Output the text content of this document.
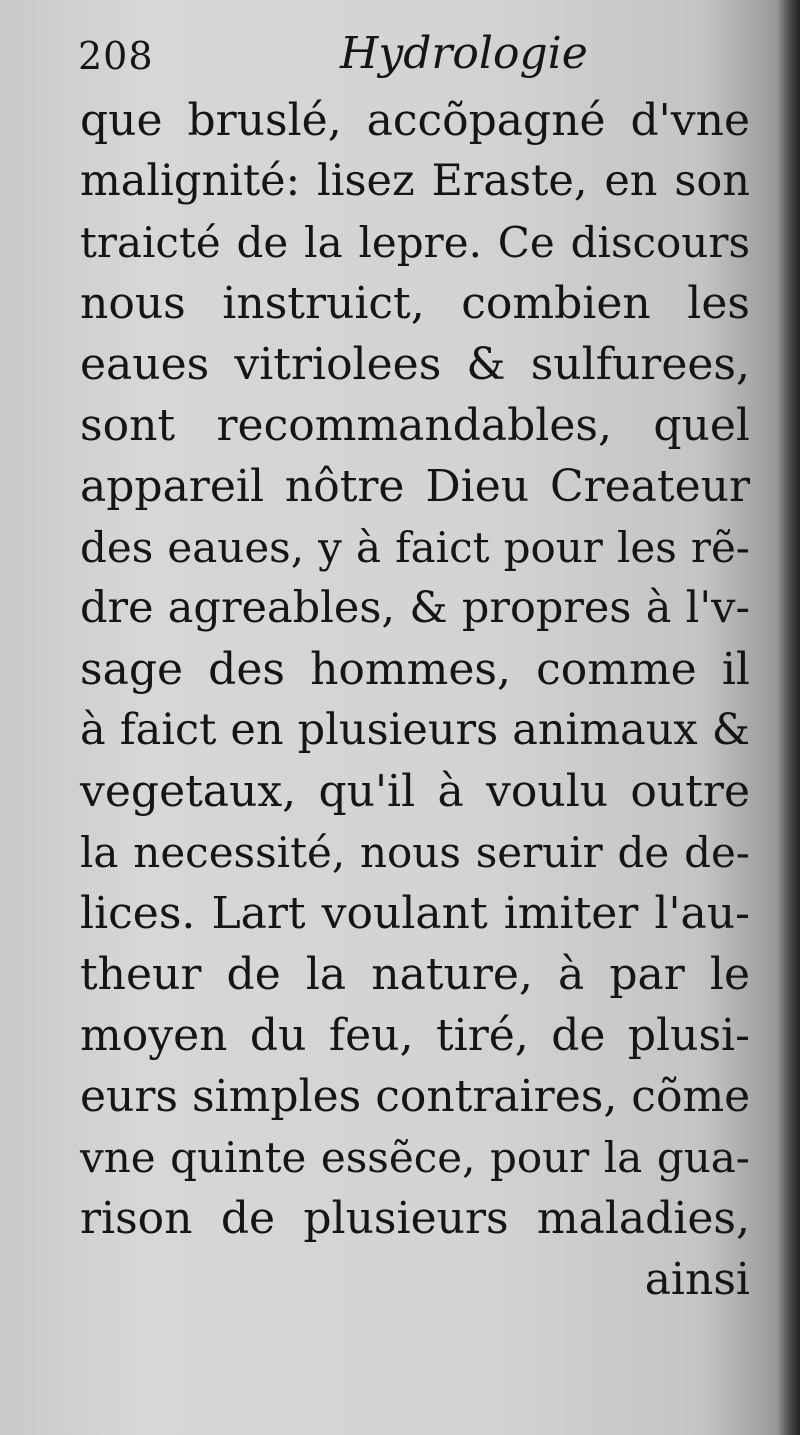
208	Hydrologie
que bruslé, accõpagné d'vne
malignité: lisez Eraste, en son
traicté de la lepre. Ce discours
nous instruict, combien les
eaues vitriolees & sulfurees,
sont recommandables, quel
appareil nôtre Dieu Createur
des eaues, y à faict pour les rẽ-
dre agreables, & propres à l'v-
sage des hommes, comme il
à faict en plusieurs animaux &
vegetaux, qu'il à voulu outre
la necessité, nous seruir de de-
lices. Lart voulant imiter l'au-
theur de la nature, à par le
moyen du feu, tiré, de plusi-
eurs simples contraires, cõme
vne quinte essẽce, pour la gua-
rison de plusieurs maladies,
ainsi
